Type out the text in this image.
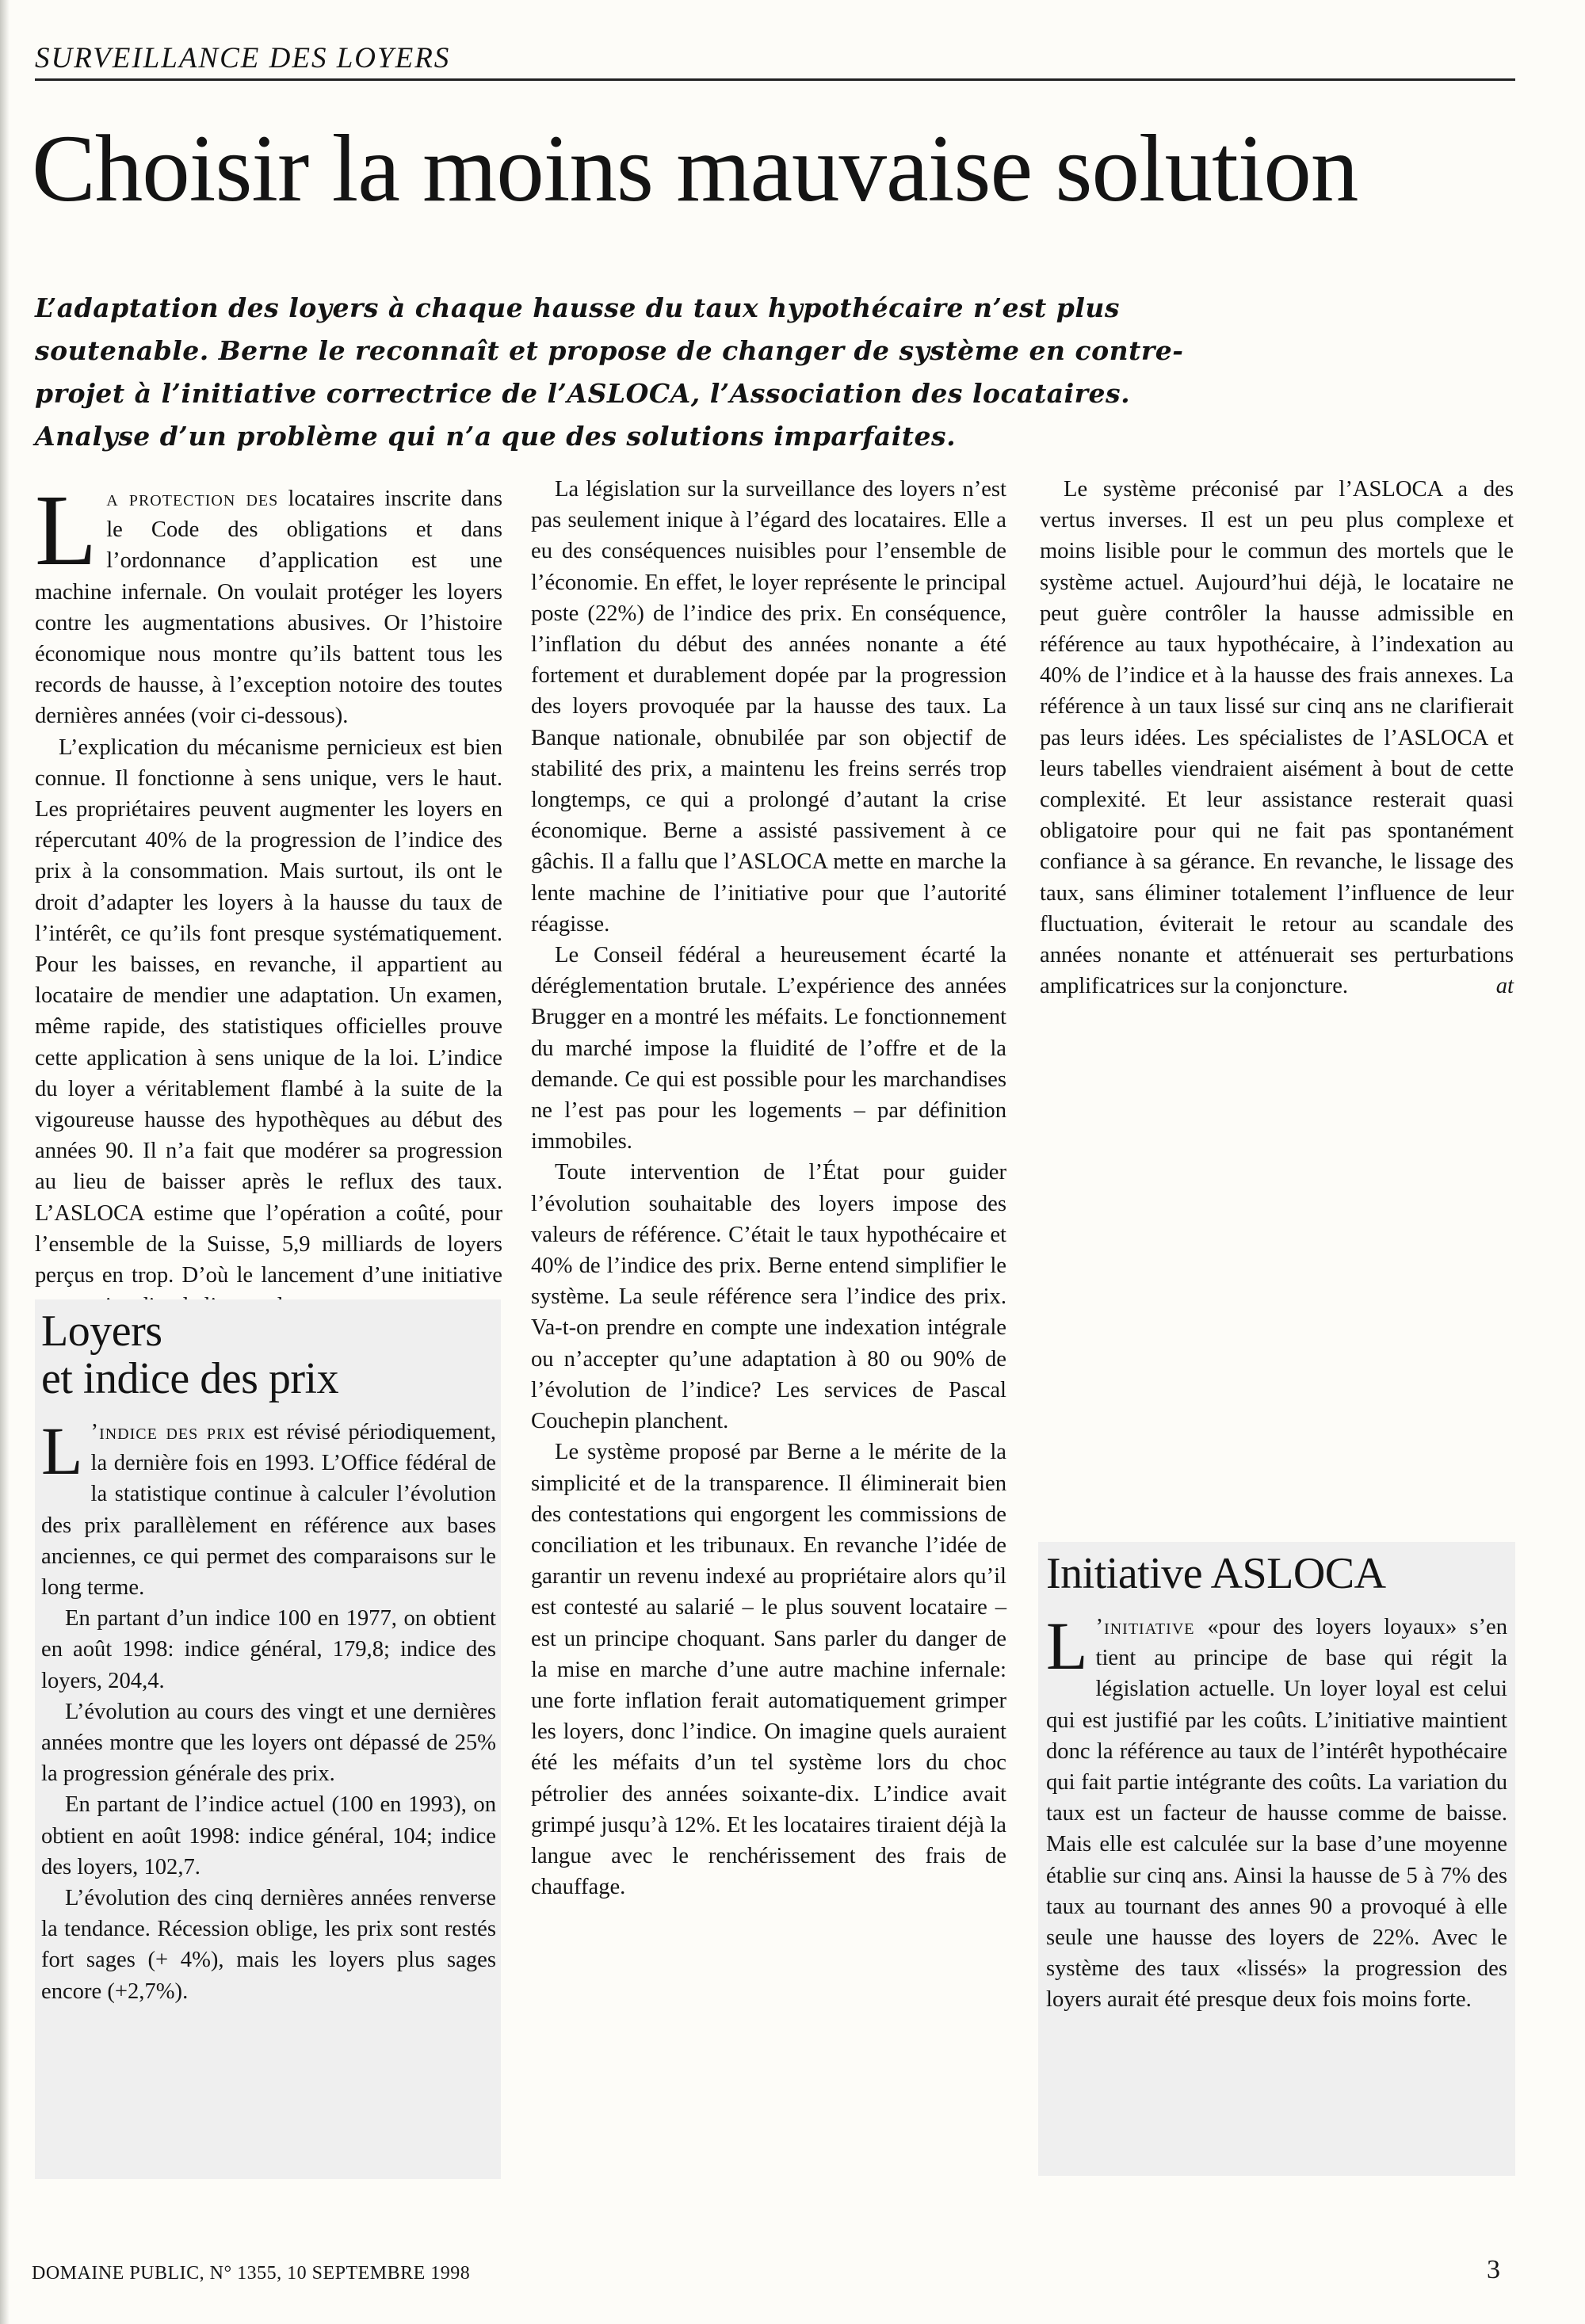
SURVEILLANCE DES LOYERS
Choisir la moins mauvaise solution

L’adaptation des loyers à chaque hausse du taux hypothécaire n’est plus soutenable. Berne le reconnaît et propose de changer de système en contre-projet à l’initiative correctrice de l’ASLOCA, l’Association des locataires. Analyse d’un problème qui n’a que des solutions imparfaites.

La protection des locataires inscrite dans le Code des obligations et dans l’ordonnance d’application est une machine infernale. On voulait protéger les loyers contre les augmentations abusives. Or l’histoire économique nous montre qu’ils battent tous les records de hausse, à l’exception notoire des toutes dernières années (voir ci-dessous).

L’explication du mécanisme pernicieux est bien connue. Il fonctionne à sens unique, vers le haut. Les propriétaires peuvent augmenter les loyers en répercutant 40% de la progression de l’indice des prix à la consommation. Mais surtout, ils ont le droit d’adapter les loyers à la hausse du taux de l’intérêt, ce qu’ils font presque systématiquement. Pour les baisses, en revanche, il appartient au locataire de mendier une adaptation. Un examen, même rapide, des statistiques officielles prouve cette application à sens unique de la loi. L’indice du loyer a véritablement flambé à la suite de la vigoureuse hausse des hypothèques au début des années 90. Il n’a fait que modérer sa progression au lieu de baisser après le reflux des taux. L’ASLOCA estime que l’opération a coûté, pour l’ensemble de la Suisse, 5,9 milliards de loyers perçus en trop. D’où le lancement d’une initiative

Loyers
et indice des prix

L ’indice des prix est révisé périodiquement, la dernière fois en 1993. L’Office fédéral de la statistique continue à calculer l’évolution des prix parallèlement en référence aux bases anciennes, ce qui permet des comparaisons sur le long terme.

En partant d’un indice 100 en 1977, on obtient en août 1998: indice général, 179,8; indice des loyers, 204,4.

L’évolution au cours des vingt et une dernières années montre que les loyers ont dépassé de 25% la progression générale des prix.

En partant de l’indice actuel (100 en 1993), on obtient en août 1998: indice général, 104; indice des loyers, 102,7.

L’évolution des cinq dernières années renverse la tendance. Récession oblige, les prix sont restés fort sages (+ 4%), mais les loyers plus sages encore (+2,7%).

La législation sur la surveillance des loyers n’est pas seulement inique à l’égard des locataires. Elle a eu des conséquences nuisibles pour l’ensemble de l’économie. En effet, le loyer représente le principal poste (22%) de l’indice des prix. En conséquence, l’inflation du début des années nonante a été fortement et durablement dopée par la progression des loyers provoquée par la hausse des taux. La Banque nationale, obnubilée par son objectif de stabilité des prix, a maintenu les freins serrés trop longtemps, ce qui a prolongé d’autant la crise économique. Berne a assisté passivement à ce gâchis. Il a fallu que l’ASLOCA mette en marche la lente machine de l’initiative pour que l’autorité réagisse.

Le Conseil fédéral a heureusement écarté la déréglementation brutale. L’expérience des années Brugger en a montré les méfaits. Le fonctionnement du marché impose la fluidité de l’offre et de la demande. Ce qui est possible pour les marchandises ne l’est pas pour les logements – par définition immobiles.

Toute intervention de l’État pour guider l’évolution souhaitable des loyers impose des valeurs de référence. C’était le taux hypothécaire et 40% de l’indice des prix. Berne entend simplifier le système. La seule référence sera l’indice des prix. Va-t-on prendre en compte une indexation intégrale ou n’accepter qu’une adaptation à 80 ou 90% de l’évolution de l’indice? Les services de Pascal Couchepin planchent.

Le système proposé par Berne a le mérite de la simplicité et de la transparence. Il éliminerait bien des contestations qui engorgent les commissions de conciliation et les tribunaux. En revanche l’idée de garantir un revenu indexé au propriétaire alors qu’il est contesté au salarié – le plus souvent locataire – est un principe choquant. Sans parler du danger de la mise en marche d’une autre machine infernale: une forte inflation ferait automatiquement grimper les loyers, donc l’indice. On imagine quels auraient été les méfaits d’un tel système lors du choc pétrolier des années soixante-dix. L’indice avait grimpé jusqu’à 12%. Et les locataires tiraient déjà la langue avec le renchérissement des frais de chauffage.

Le système préconisé par l’ASLOCA a des vertus inverses. Il est un peu plus complexe et moins lisible pour le commun des mortels que le système actuel. Aujourd’hui déjà, le locataire ne peut guère contrôler la hausse admissible en référence au taux hypothécaire, à l’indexation au 40% de l’indice et à la hausse des frais annexes. La référence à un taux lissé sur cinq ans ne clarifierait pas leurs idées. Les spécialistes de l’ASLOCA et leurs tabelles viendraient aisément à bout de cette complexité. Et leur assistance resterait quasi obligatoire pour qui ne fait pas spontanément confiance à sa gérance. En revanche, le lissage des taux, sans éliminer totalement l’influence de leur fluctuation, éviterait le retour au scandale des années nonante et atténuerait ses perturbations amplificatrices sur la conjoncture.	at

Initiative ASLOCA

L ’initiative «pour des loyers loyaux» s’en tient au principe de base qui régit la législation actuelle. Un loyer loyal est celui qui est justifié par les coûts. L’initiative maintient donc la référence au taux de l’intérêt hypothécaire qui fait partie intégrante des coûts. La variation du taux est un facteur de hausse comme de baisse. Mais elle est calculée sur la base d’une moyenne établie sur cinq ans. Ainsi la hausse de 5 à 7% des taux au tournant des annes 90 a provoqué à elle seule une hausse des loyers de 22%. Avec le système des taux «lissés» la progression des loyers aurait été presque deux fois moins forte.

DOMAINE PUBLIC, N° 1355, 10 SEPTEMBRE 1998	3
